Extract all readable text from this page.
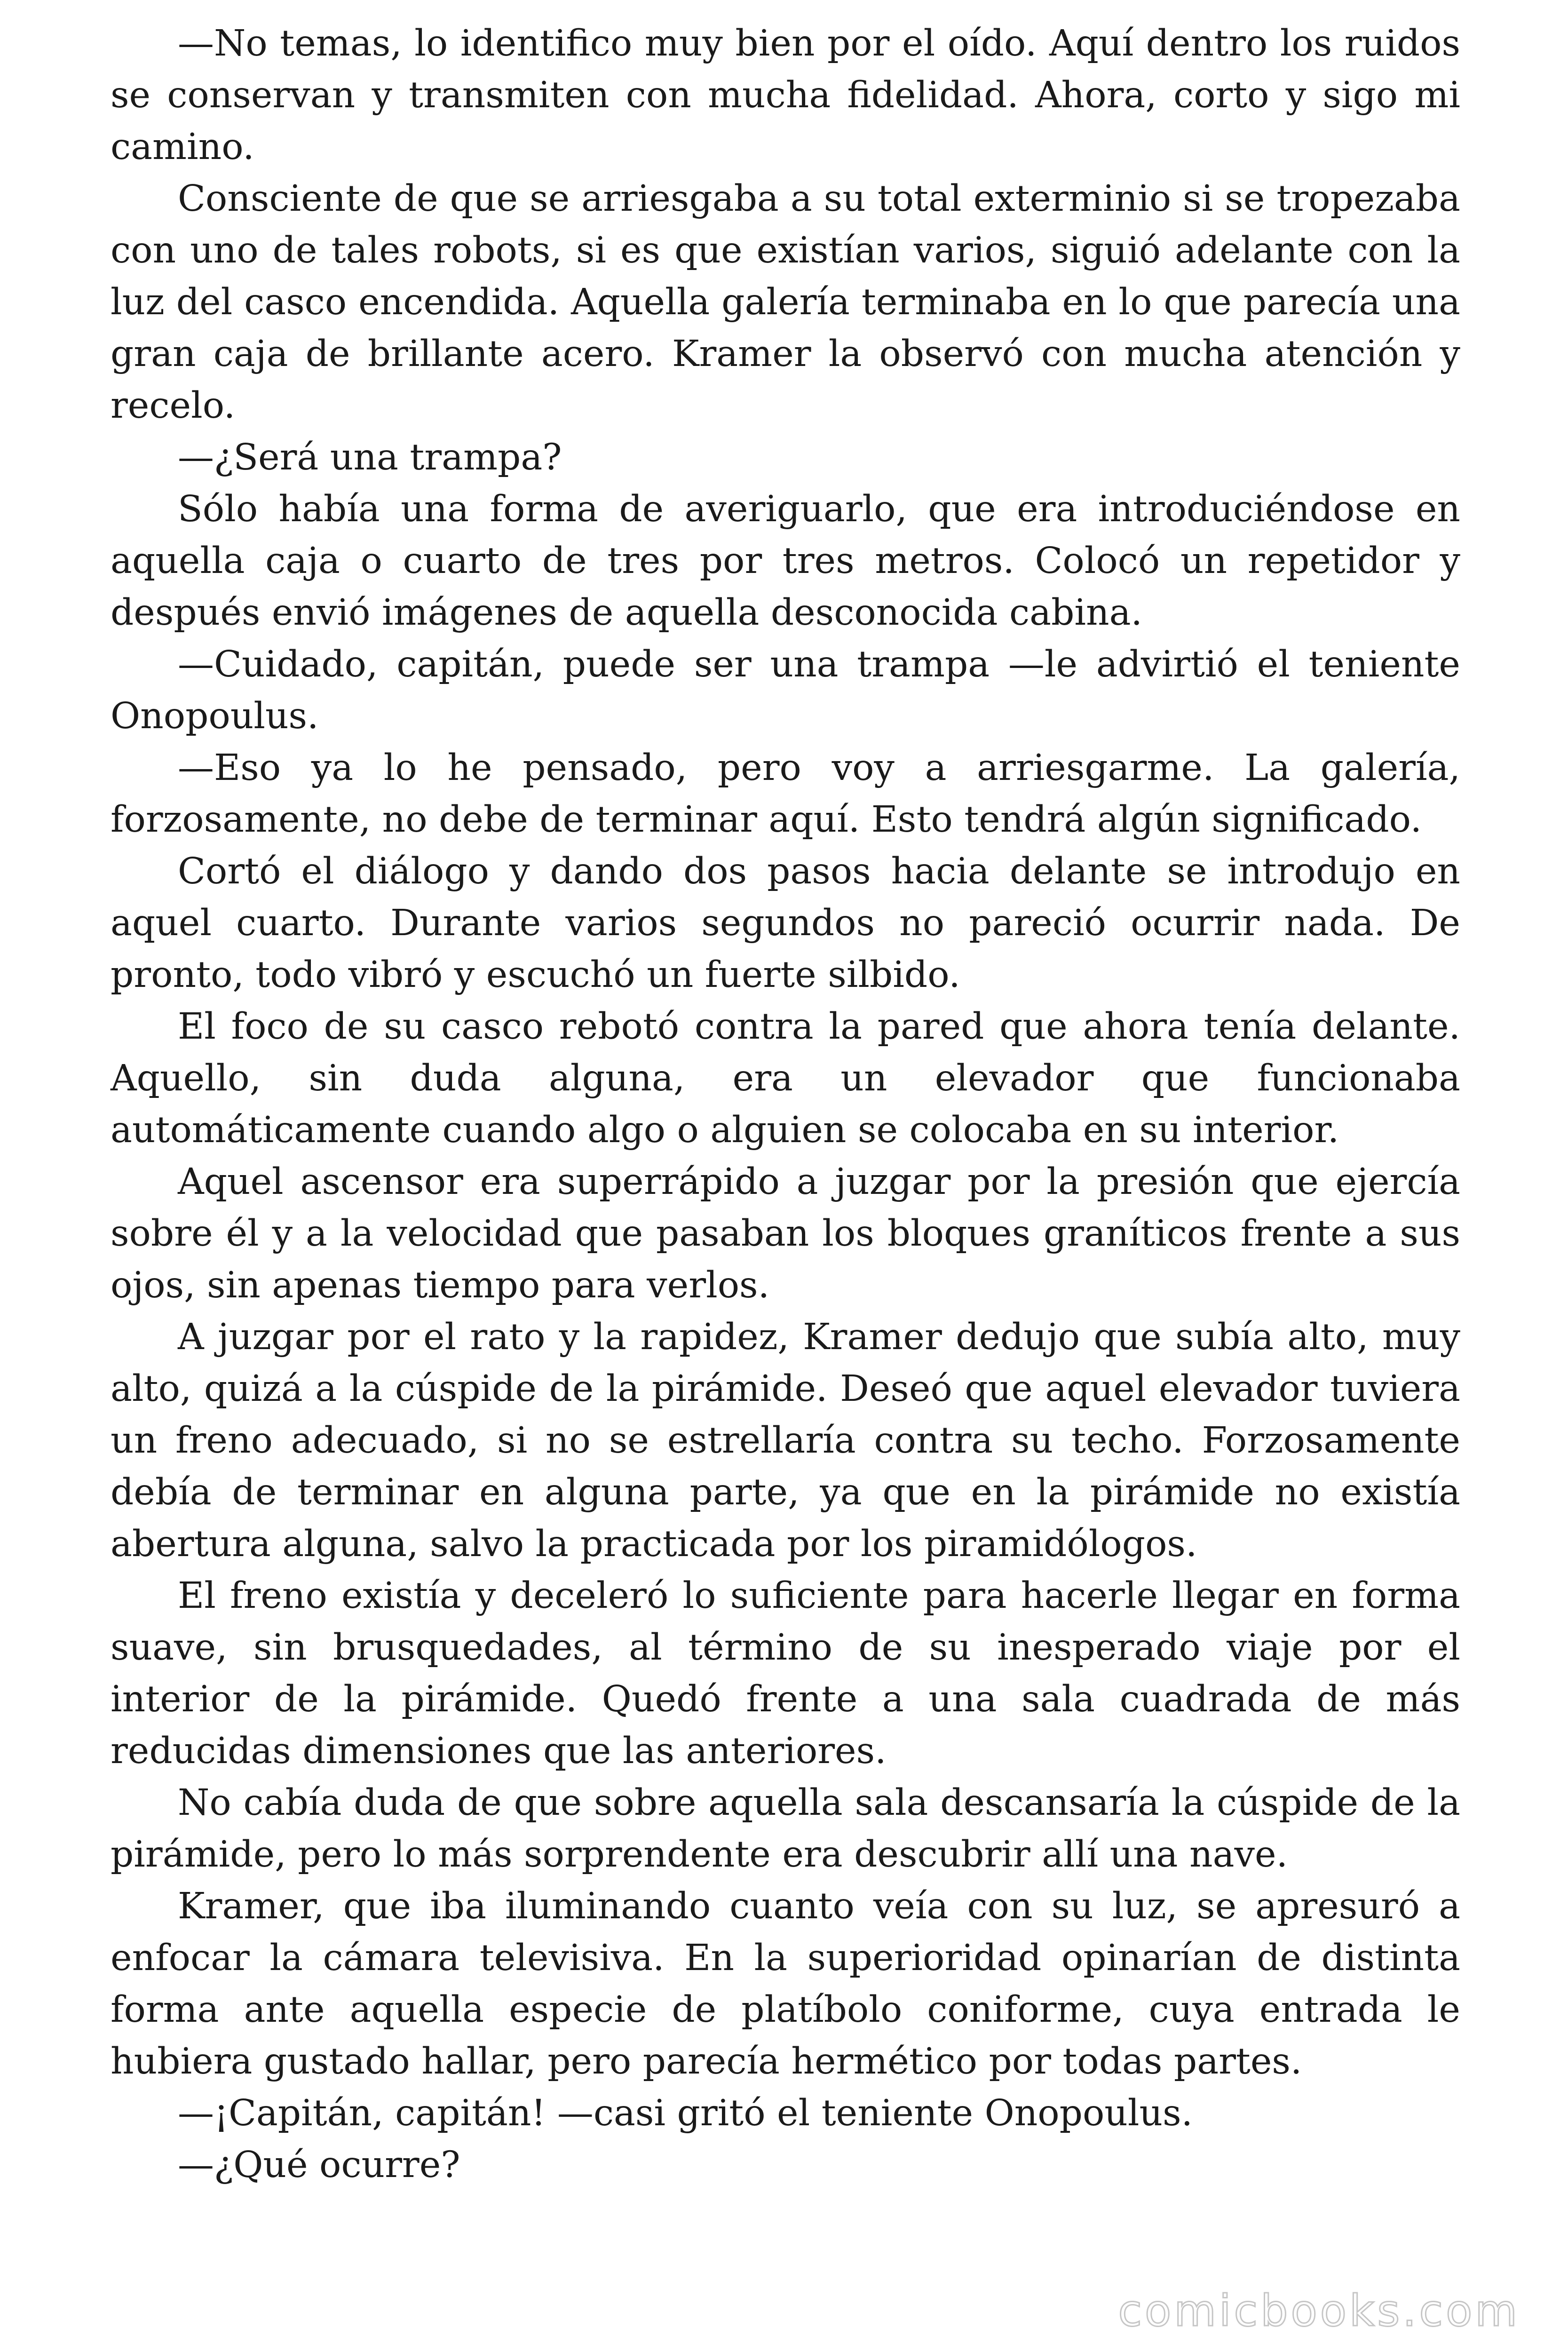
—No temas, lo identifico muy bien por el oído. Aquí dentro los ruidos se conservan y transmiten con mucha fidelidad. Ahora, corto y sigo mi camino.

Consciente de que se arriesgaba a su total exterminio si se tropezaba con uno de tales robots, si es que existían varios, siguió adelante con la luz del casco encendida. Aquella galería terminaba en lo que parecía una gran caja de brillante acero. Kramer la observó con mucha atención y recelo.

—¿Será una trampa?

Sólo había una forma de averiguarlo, que era introduciéndose en aquella caja o cuarto de tres por tres metros. Colocó un repetidor y después envió imágenes de aquella desconocida cabina.

—Cuidado, capitán, puede ser una trampa —le advirtió el teniente Onopoulus.

—Eso ya lo he pensado, pero voy a arriesgarme. La galería, forzosamente, no debe de terminar aquí. Esto tendrá algún significado.

Cortó el diálogo y dando dos pasos hacia delante se introdujo en aquel cuarto. Durante varios segundos no pareció ocurrir nada. De pronto, todo vibró y escuchó un fuerte silbido.

El foco de su casco rebotó contra la pared que ahora tenía delante. Aquello, sin duda alguna, era un elevador que funcionaba automáticamente cuando algo o alguien se colocaba en su interior.

Aquel ascensor era superrápido a juzgar por la presión que ejercía sobre él y a la velocidad que pasaban los bloques graníticos frente a sus ojos, sin apenas tiempo para verlos.

A juzgar por el rato y la rapidez, Kramer dedujo que subía alto, muy alto, quizá a la cúspide de la pirámide. Deseó que aquel elevador tuviera un freno adecuado, si no se estrellaría contra su techo. Forzosamente debía de terminar en alguna parte, ya que en la pirámide no existía abertura alguna, salvo la practicada por los piramidólogos.

El freno existía y deceleró lo suficiente para hacerle llegar en forma suave, sin brusquedades, al término de su inesperado viaje por el interior de la pirámide. Quedó frente a una sala cuadrada de más reducidas dimensiones que las anteriores.

No cabía duda de que sobre aquella sala descansaría la cúspide de la pirámide, pero lo más sorprendente era descubrir allí una nave.

Kramer, que iba iluminando cuanto veía con su luz, se apresuró a enfocar la cámara televisiva. En la superioridad opinarían de distinta forma ante aquella especie de platíbolo coniforme, cuya entrada le hubiera gustado hallar, pero parecía hermético por todas partes.

—¡Capitán, capitán! —casi gritó el teniente Onopoulus.

—¿Qué ocurre?

comicbooks.com
